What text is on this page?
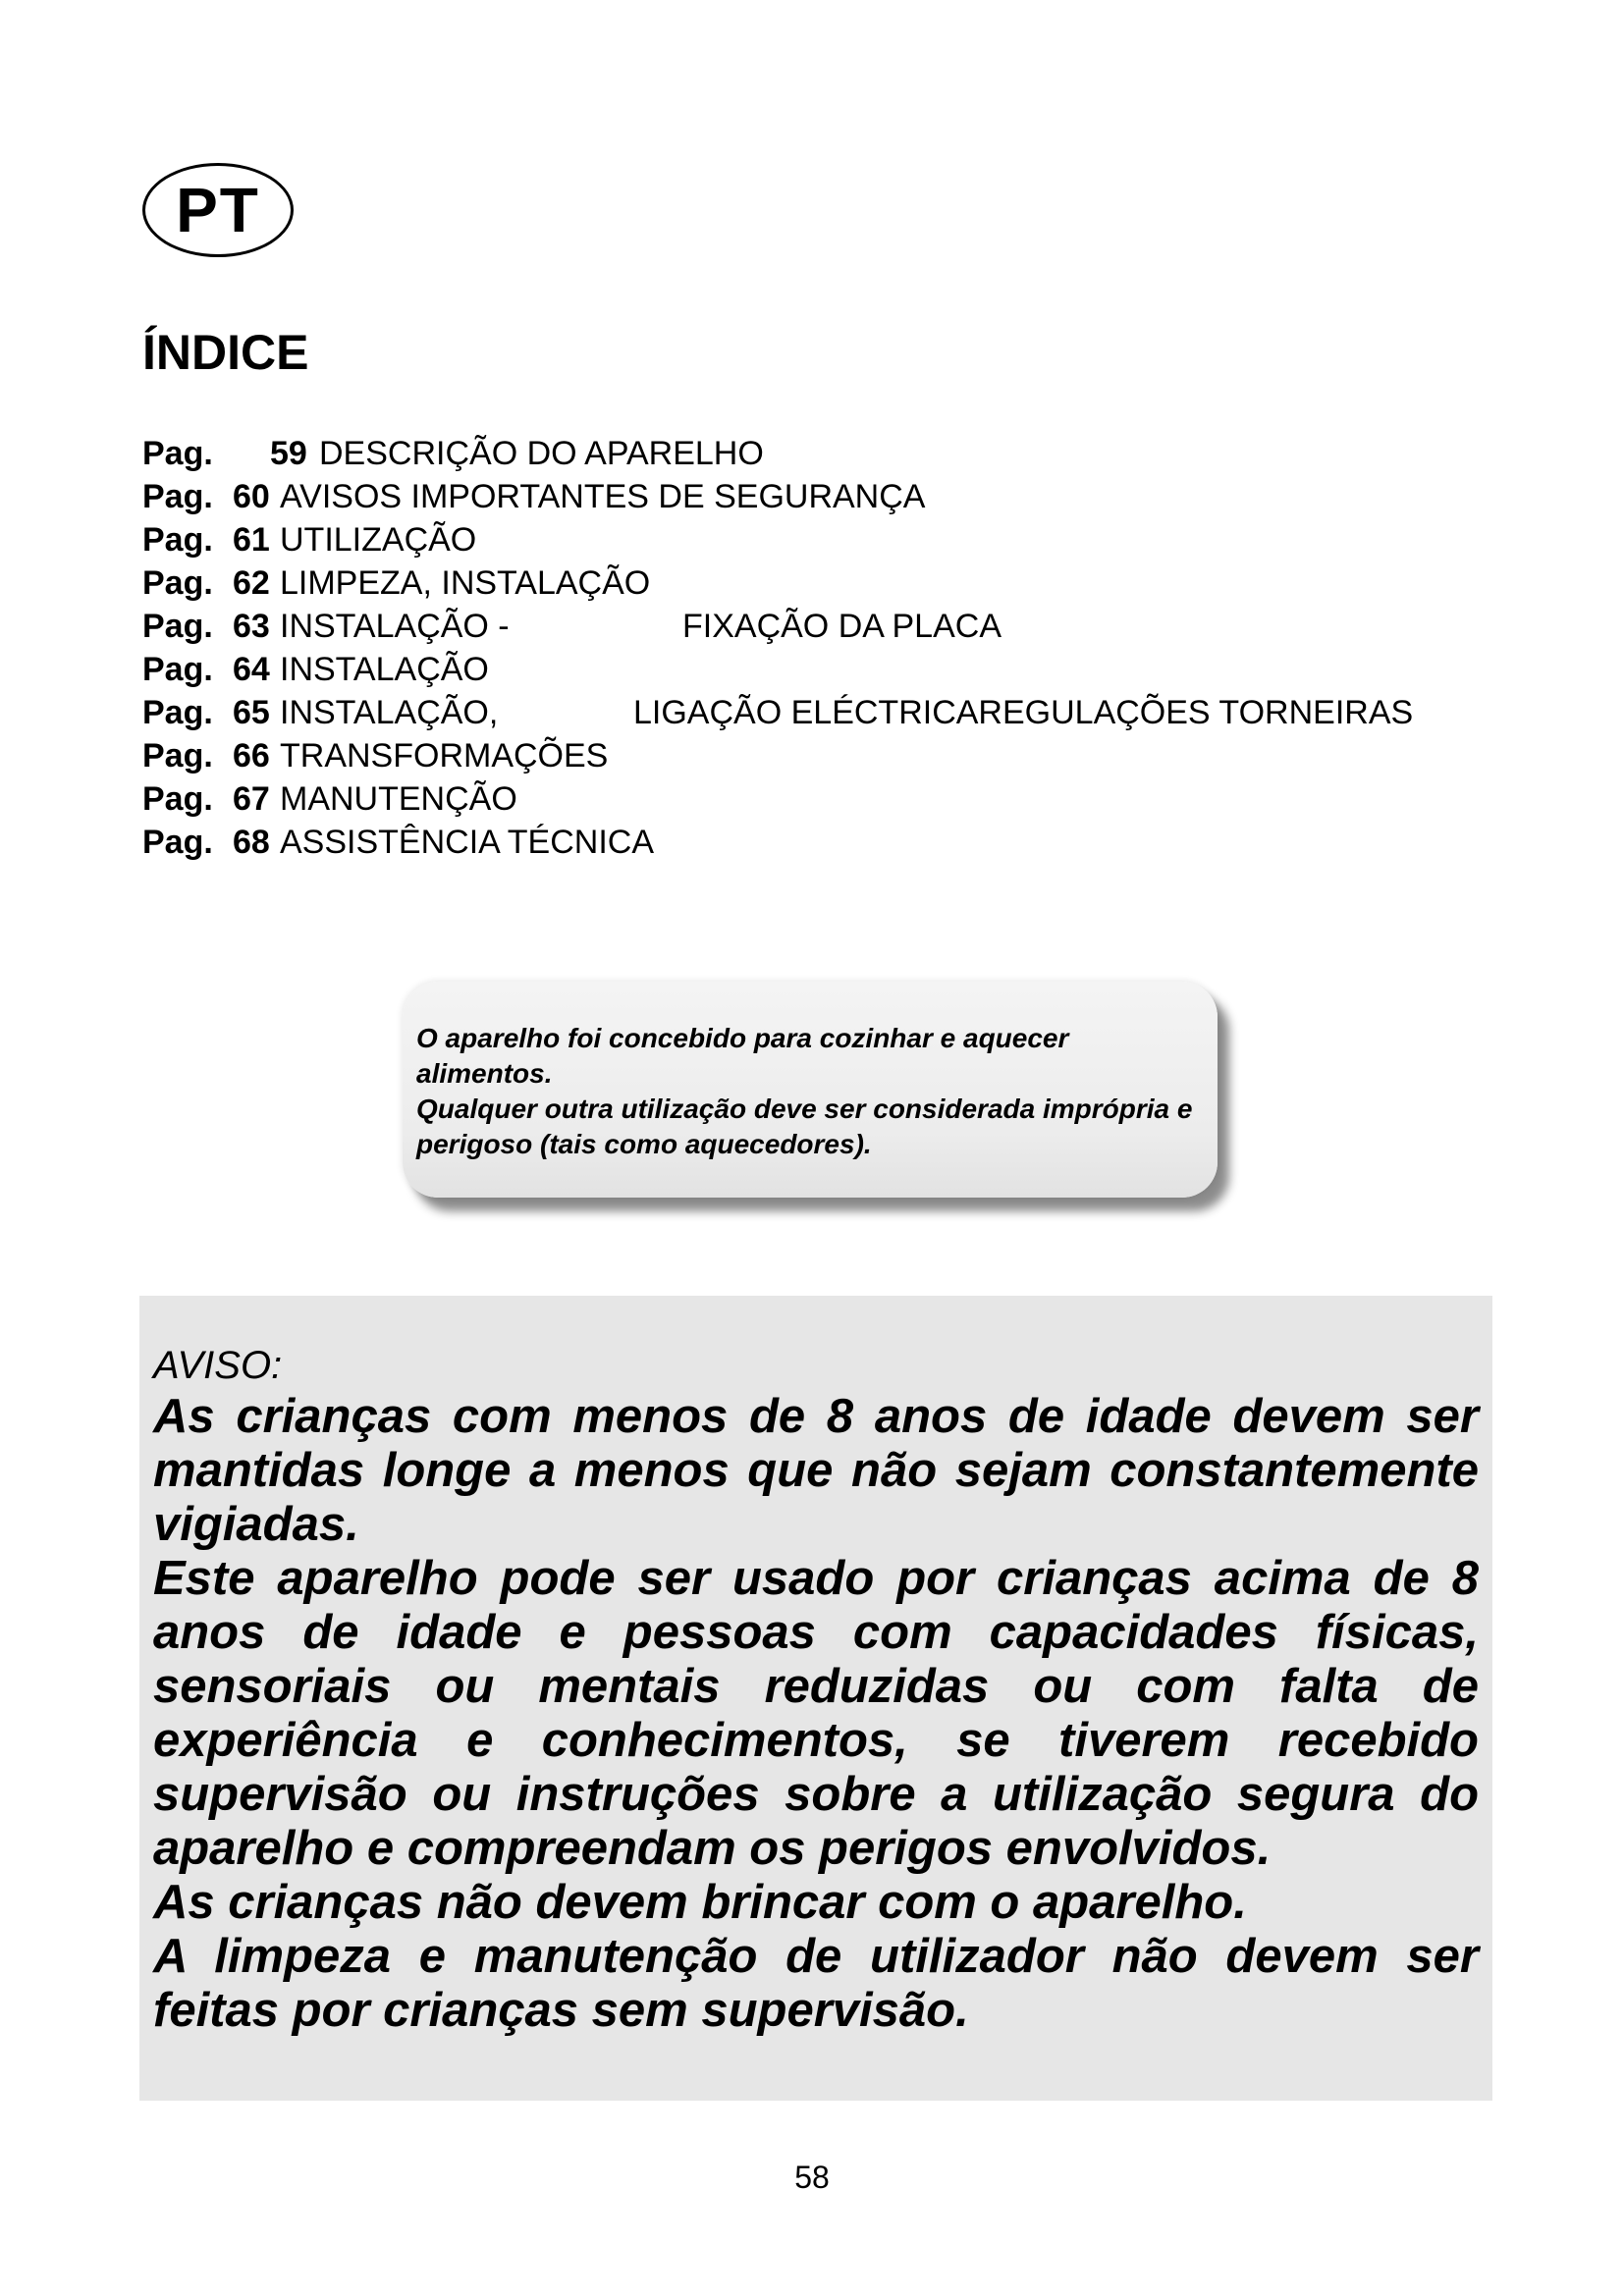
PT
ÍNDICE
Pag. 59 DESCRIÇÃO DO APARELHO
Pag. 60 AVISOS IMPORTANTES DE SEGURANÇA
Pag. 61 UTILIZAÇÃO
Pag. 62 LIMPEZA, INSTALAÇÃO
Pag. 63 INSTALAÇÃO -	FIXAÇÃO DA PLACA
Pag. 64 INSTALAÇÃO
Pag. 65 INSTALAÇÃO,	LIGAÇÃO ELÉCTRICAREGULAÇÕES TORNEIRAS
Pag. 66 TRANSFORMAÇÕES
Pag. 67 MANUTENÇÃO
Pag. 68 ASSISTÊNCIA TÉCNICA

O aparelho foi concebido para cozinhar e aquecer alimentos.

Qualquer outra utilização deve ser considerada imprópria e perigoso (tais como aquecedores).

AVISO:

As crianças com menos de 8 anos de idade devem ser mantidas longe a menos que não sejam constantemente vigiadas.

Este aparelho pode ser usado por crianças acima de 8 anos de idade e pessoas com capacidades físicas, sensoriais ou mentais reduzidas ou com falta de experiência e conhecimentos, se tiverem recebido supervisão ou instruções sobre a utilização segura do aparelho e compreendam os perigos envolvidos.

As crianças não devem brincar com o aparelho.

A limpeza e manutenção de utilizador não devem ser feitas por crianças sem supervisão.

58
